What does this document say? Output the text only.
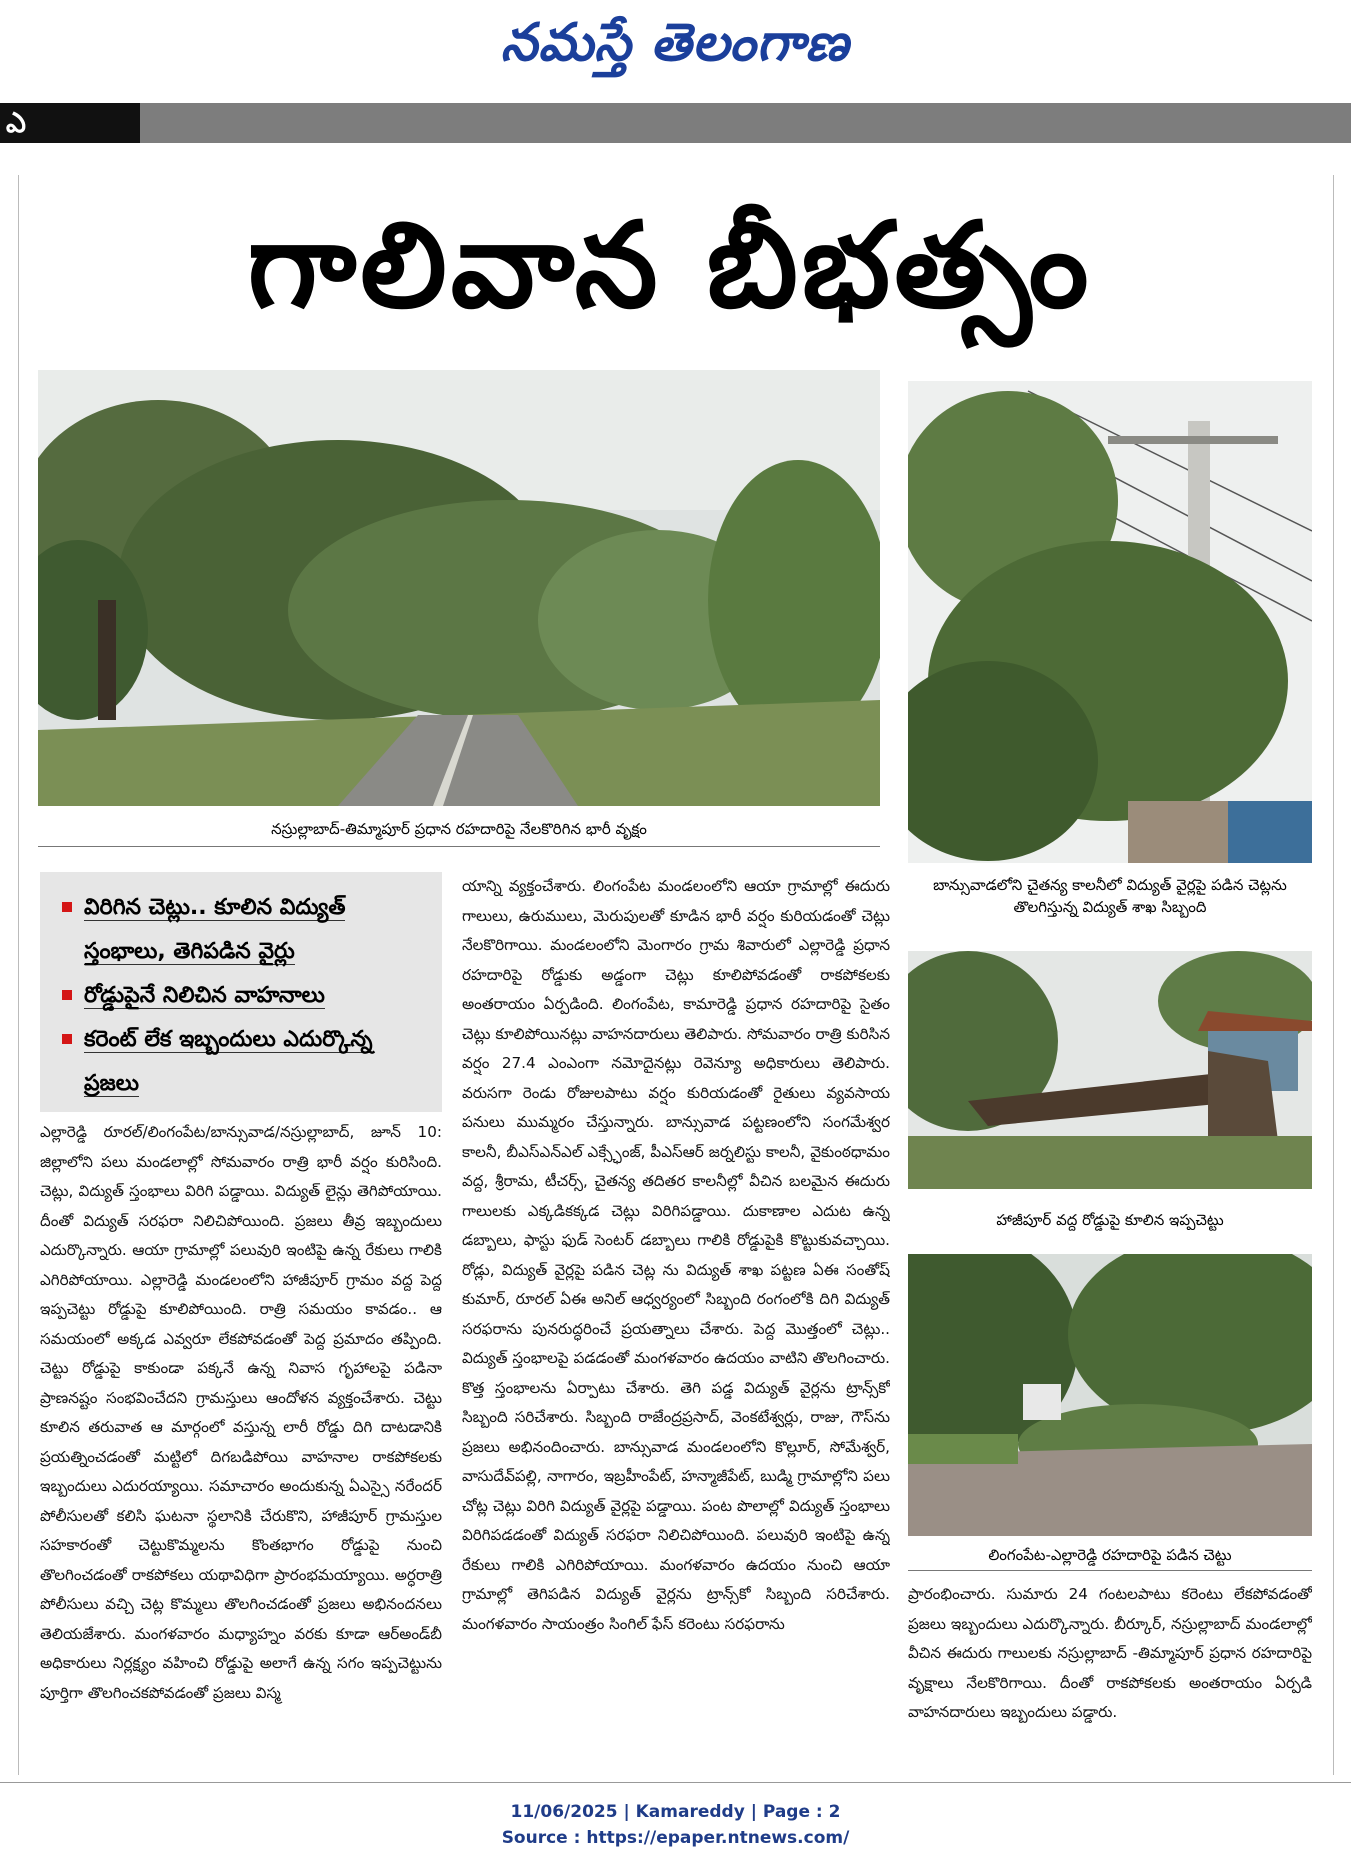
నమస్తే తెలంగాణ
ఎ
గాలివాన బీభత్సం
నస్రుల్లాబాద్‌-తిమ్మాపూర్‌ ప్రధాన రహదారిపై నేలకొరిగిన భారీ వృక్షం
బాన్సువాడలోని చైతన్య కాలనీలో విద్యుత్‌ వైర్లపై పడిన చెట్లను తొలగిస్తున్న విద్యుత్‌ శాఖ సిబ్బంది
హాజీపూర్‌ వద్ద రోడ్డుపై కూలిన ఇప్పచెట్టు
లింగంపేట-ఎల్లారెడ్డి రహదారిపై పడిన చెట్టు
విరిగిన చెట్లు.. కూలిన విద్యుత్‌ స్తంభాలు, తెగిపడిన వైర్లు
రోడ్డుపైనే నిలిచిన వాహనాలు
కరెంట్‌ లేక ఇబ్బందులు ఎదుర్కొన్న ప్రజలు
ఎల్లారెడ్డి రూరల్‌/లింగంపేట/బాన్సువాడ/నస్రుల్లాబాద్‌, జూన్‌ 10: జిల్లాలోని పలు మండలాల్లో సోమవారం రాత్రి భారీ వర్షం కురిసింది. చెట్లు, విద్యుత్‌ స్తంభాలు విరిగి పడ్డాయి. విద్యుత్‌ లైన్లు తెగిపోయాయి. దీంతో విద్యుత్‌ సరఫరా నిలిచిపోయింది. ప్రజలు తీవ్ర ఇబ్బందులు ఎదుర్కొన్నారు. ఆయా గ్రామాల్లో పలువురి ఇంటిపై ఉన్న రేకులు గాలికి ఎగిరిపోయాయి. ఎల్లారెడ్డి మండలంలోని హాజీపూర్‌ గ్రామం వద్ద పెద్ద ఇప్పచెట్టు రోడ్డుపై కూలిపోయింది. రాత్రి సమయం కావడం.. ఆ సమయంలో అక్కడ ఎవ్వరూ లేకపోవడంతో పెద్ద ప్రమాదం తప్పింది. చెట్టు రోడ్డుపై కాకుండా పక్కనే ఉన్న నివాస గృహాలపై పడినా ప్రాణనష్టం సంభవించేదని గ్రామస్తులు ఆందోళన వ్యక్తంచేశారు. చెట్టు కూలిన తరువాత ఆ మార్గంలో వస్తున్న లారీ రోడ్డు దిగి దాటడానికి ప్రయత్నించడంతో మట్టిలో దిగబడిపోయి వాహనాల రాకపోకలకు ఇబ్బందులు ఎదురయ్యాయి. సమాచారం అందుకున్న ఏఎస్సై నరేందర్‌ పోలీసులతో కలిసి ఘటనా స్థలానికి చేరుకొని, హాజీపూర్‌ గ్రామస్తుల సహకారంతో చెట్టుకొమ్మలను కొంతభాగం రోడ్డుపై నుంచి తొలగించడంతో రాకపోకలు యథావిధిగా ప్రారంభమయ్యాయి. అర్ధరాత్రి పోలీసులు వచ్చి చెట్ల కొమ్మలు తొలగించడంతో ప్రజలు అభినందనలు తెలియజేశారు. మంగళవారం మధ్యాహ్నం వరకు కూడా ఆర్‌అండ్‌బీ అధికారులు నిర్లక్ష్యం వహించి రోడ్డుపై అలాగే ఉన్న సగం ఇప్పచెట్టును పూర్తిగా తొలగించకపోవడంతో ప్రజలు విస్మ
యాన్ని వ్యక్తంచేశారు. లింగంపేట మండలంలోని ఆయా గ్రామాల్లో ఈదురు గాలులు, ఉరుములు, మెరుపులతో కూడిన భారీ వర్షం కురియడంతో చెట్లు నేలకొరిగాయి. మండలంలోని మెంగారం గ్రామ శివారులో ఎల్లారెడ్డి ప్రధాన రహదారిపై రోడ్డుకు అడ్డంగా చెట్లు కూలిపోవడంతో రాకపోకలకు అంతరాయం ఏర్పడింది. లింగంపేట, కామారెడ్డి ప్రధాన రహదారిపై సైతం చెట్లు కూలిపోయినట్లు వాహనదారులు తెలిపారు. సోమవారం రాత్రి కురిసిన వర్షం 27.4 ఎంఎంగా నమోదైనట్లు రెవెన్యూ అధికారులు తెలిపారు. వరుసగా రెండు రోజులపాటు వర్షం కురియడంతో రైతులు వ్యవసాయ పనులు ముమ్మరం చేస్తున్నారు. బాన్సువాడ పట్టణంలోని సంగమేశ్వర కాలనీ, బీఎస్‌ఎన్‌ఎల్‌ ఎక్స్ఛేంజ్‌, పీఎస్‌ఆర్‌ జర్నలిస్టు కాలనీ, వైకుంఠధామం వద్ద, శ్రీరామ, టీచర్స్‌, చైతన్య తదితర కాలనీల్లో వీచిన బలమైన ఈదురు గాలులకు ఎక్కడికక్కడ చెట్లు విరిగిపడ్డాయి. దుకాణాల ఎదుట ఉన్న డబ్బాలు, ఫాస్టు ఫుడ్‌ సెంటర్‌ డబ్బాలు గాలికి రోడ్డుపైకి కొట్టుకువచ్చాయి. రోడ్లు, విద్యుత్‌ వైర్లపై పడిన చెట్ల ను విద్యుత్‌ శాఖ పట్టణ ఏఈ సంతోష్‌ కుమార్‌, రూరల్‌ ఏఈ అనిల్‌ ఆధ్వర్యంలో సిబ్బంది రంగంలోకి దిగి విద్యుత్‌ సరఫరాను పునరుద్ధరించే ప్రయత్నాలు చేశారు. పెద్ద మొత్తంలో చెట్లు.. విద్యుత్‌ స్తంభాలపై పడడంతో మంగళవారం ఉదయం వాటిని తొలగించారు. కొత్త స్తంభాలను ఏర్పాటు చేశారు. తెగి పడ్డ విద్యుత్‌ వైర్లను ట్రాన్స్‌కో సిబ్బంది సరిచేశారు. సిబ్బంది రాజేంద్రప్రసాద్‌, వెంకటేశ్వర్లు, రాజు, గౌస్‌ను ప్రజలు అభినందించారు. బాన్సువాడ మండలంలోని కొల్లూర్‌, సోమేశ్వర్‌, వాసుదేవ్‌పల్లి, నాగారం, ఇబ్రహీంపేట్‌, హన్మాజీపేట్‌, బుడ్మి గ్రామాల్లోని పలు చోట్ల చెట్లు విరిగి విద్యుత్‌ వైర్లపై పడ్డాయి. పంట పొలాల్లో విద్యుత్‌ స్తంభాలు విరిగిపడడంతో విద్యుత్‌ సరఫరా నిలిచిపోయింది. పలువురి ఇంటిపై ఉన్న రేకులు గాలికి ఎగిరిపోయాయి. మంగళవారం ఉదయం నుంచి ఆయా గ్రామాల్లో తెగిపడిన విద్యుత్‌ వైర్లను ట్రాన్స్‌కో సిబ్బంది సరిచేశారు. మంగళవారం సాయంత్రం సింగిల్‌ ఫేస్‌ కరెంటు సరఫరాను
ప్రారంభించారు. సుమారు 24 గంటలపాటు కరెంటు లేకపోవడంతో ప్రజలు ఇబ్బందులు ఎదుర్కొన్నారు. బీర్కూర్‌, నస్రుల్లాబాద్‌ మండలాల్లో వీచిన ఈదురు గాలులకు నస్రుల్లాబాద్‌ -తిమ్మాపూర్‌ ప్రధాన రహదారిపై వృక్షాలు నేలకొరిగాయి. దీంతో రాకపోకలకు అంతరాయం ఏర్పడి వాహనదారులు ఇబ్బందులు పడ్డారు.
11/06/2025 | Kamareddy | Page : 2
Source : https://epaper.ntnews.com/
